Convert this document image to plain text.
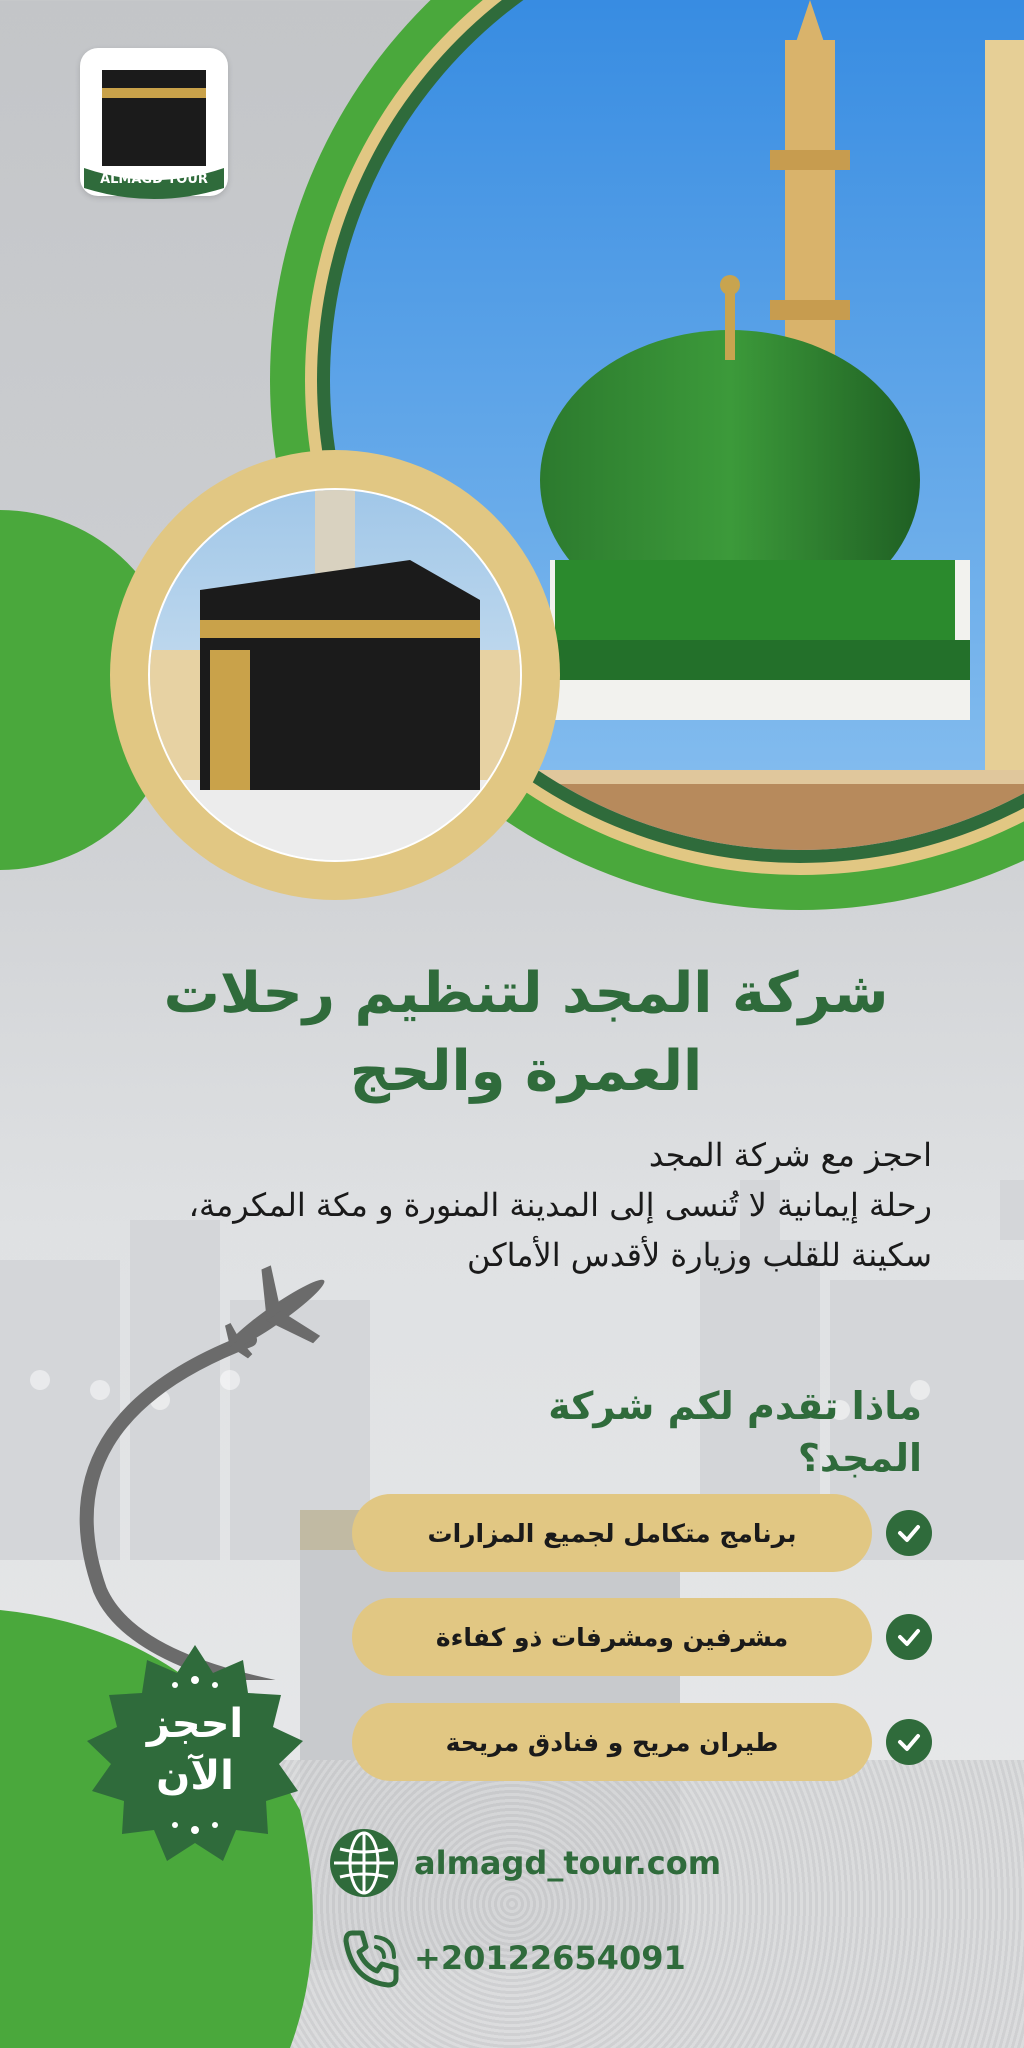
ALMAGD TOUR
شركة المجد لتنظيم رحلات
العمرة والحج
احجز مع شركة المجد
رحلة إيمانية لا تُنسى إلى المدينة المنورة و مكة المكرمة،
سكينة للقلب وزيارة لأقدس الأماكن
ماذا تقدم لكم شركة
المجد؟
برنامج متكامل لجميع المزارات
مشرفين ومشرفات ذو كفاءة
طيران مريح و فنادق مريحة
احجز
الآن
almagd_tour.com
+20122654091
